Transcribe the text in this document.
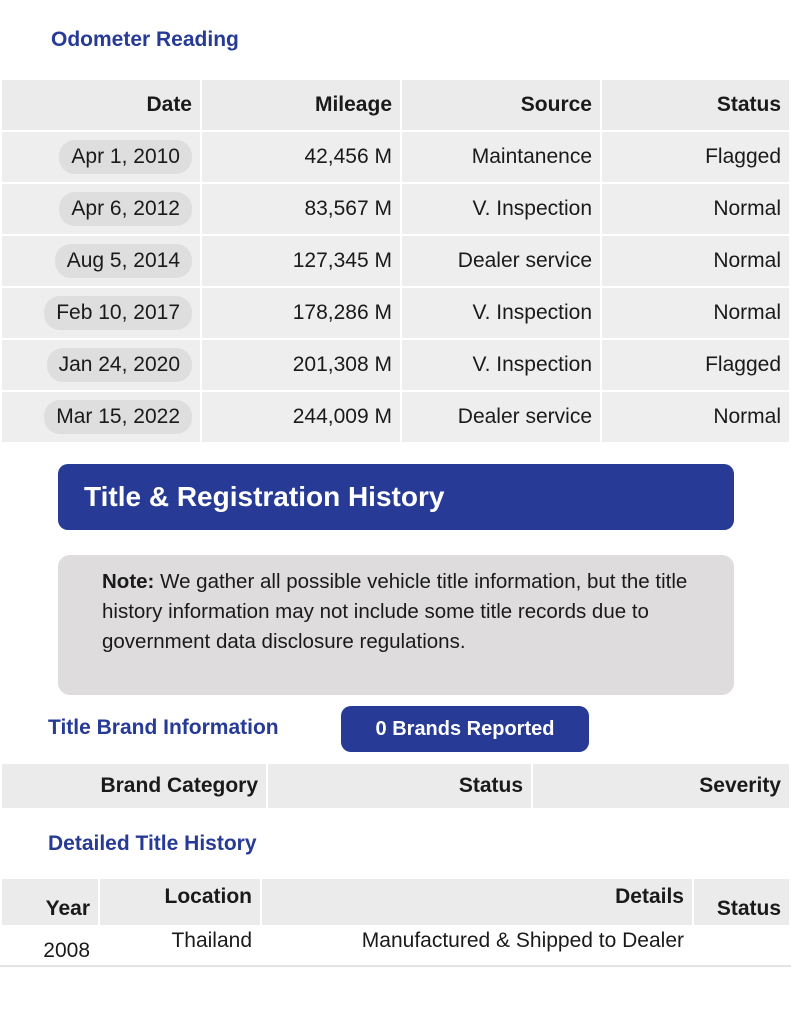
Odometer Reading
Date	Mileage	Source	Status
Apr 1, 2010	42,456 M	Maintanence	Flagged
Apr 6, 2012	83,567 M	V. Inspection	Normal
Aug 5, 2014	127,345 M	Dealer service	Normal
Feb 10, 2017	178,286 M	V. Inspection	Normal
Jan 24, 2020	201,308 M	V. Inspection	Flagged
Mar 15, 2022	244,009 M	Dealer service	Normal
Title & Registration History
Note: We gather all possible vehicle title information, but the title history information may not include some title records due to government data disclosure regulations.
Title Brand Information	0 Brands Reported
Brand Category	Status	Severity
Detailed Title History
Year	Location	Details	Status
2008	Thailand	Manufactured & Shipped to Dealer	
